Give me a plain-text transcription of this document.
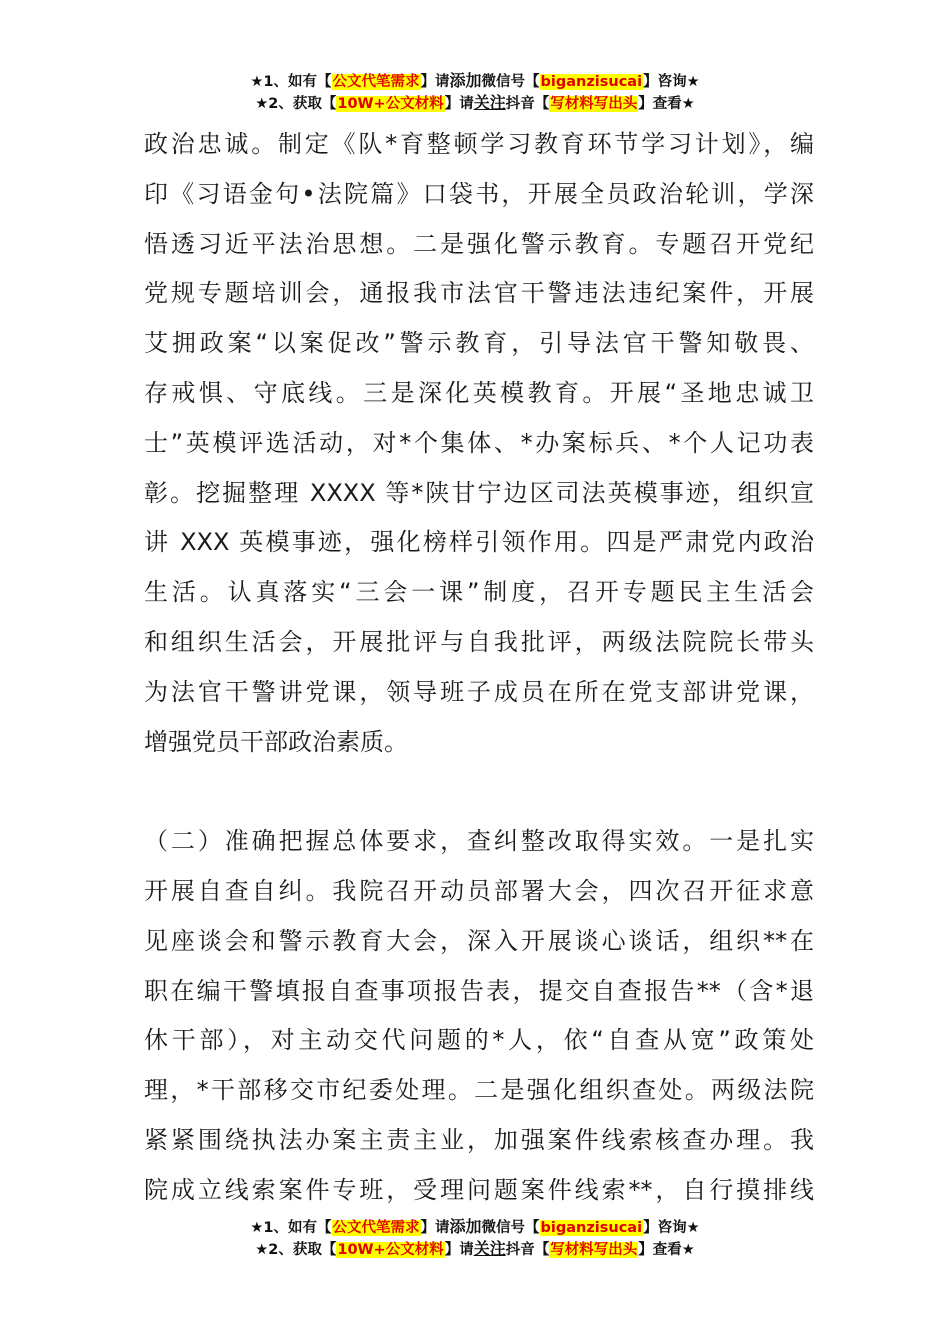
★1、如有【公文代笔需求】请添加微信号【biganzisucai】咨询★
★2、获取【10W+公文材料】请关注抖音【写材料写出头】查看★
政治忠诚。制定《队*育整顿学习教育环节学习计划》，编
印《习语金句•法院篇》口袋书，开展全员政治轮训，学深
悟透习近平法治思想。二是强化警示教育。专题召开党纪
党规专题培训会，通报我市法官干警违法违纪案件，开展
艾拥政案“以案促改”警示教育，引导法官干警知敬畏、
存戒惧、守底线。三是深化英模教育。开展“圣地忠诚卫
士”英模评选活动，对*个集体、*办案标兵、*个人记功表
彰。挖掘整理 XXXX 等*陕甘宁边区司法英模事迹，组织宣
讲 XXX 英模事迹，强化榜样引领作用。四是严肃党内政治
生活。认真落实“三会一课”制度，召开专题民主生活会
和组织生活会，开展批评与自我批评，两级法院院长带头
为法官干警讲党课，领导班子成员在所在党支部讲党课，
增强党员干部政治素质。
（二）准确把握总体要求，查纠整改取得实效。一是扎实
开展自查自纠。我院召开动员部署大会，四次召开征求意
见座谈会和警示教育大会，深入开展谈心谈话，组织**在
职在编干警填报自查事项报告表，提交自查报告**（含*退
休干部），对主动交代问题的*人，依“自查从宽”政策处
理，*干部移交市纪委处理。二是强化组织查处。两级法院
紧紧围绕执法办案主责主业，加强案件线索核查办理。我
院成立线索案件专班，受理问题案件线索**，自行摸排线
★1、如有【公文代笔需求】请添加微信号【biganzisucai】咨询★
★2、获取【10W+公文材料】请关注抖音【写材料写出头】查看★
